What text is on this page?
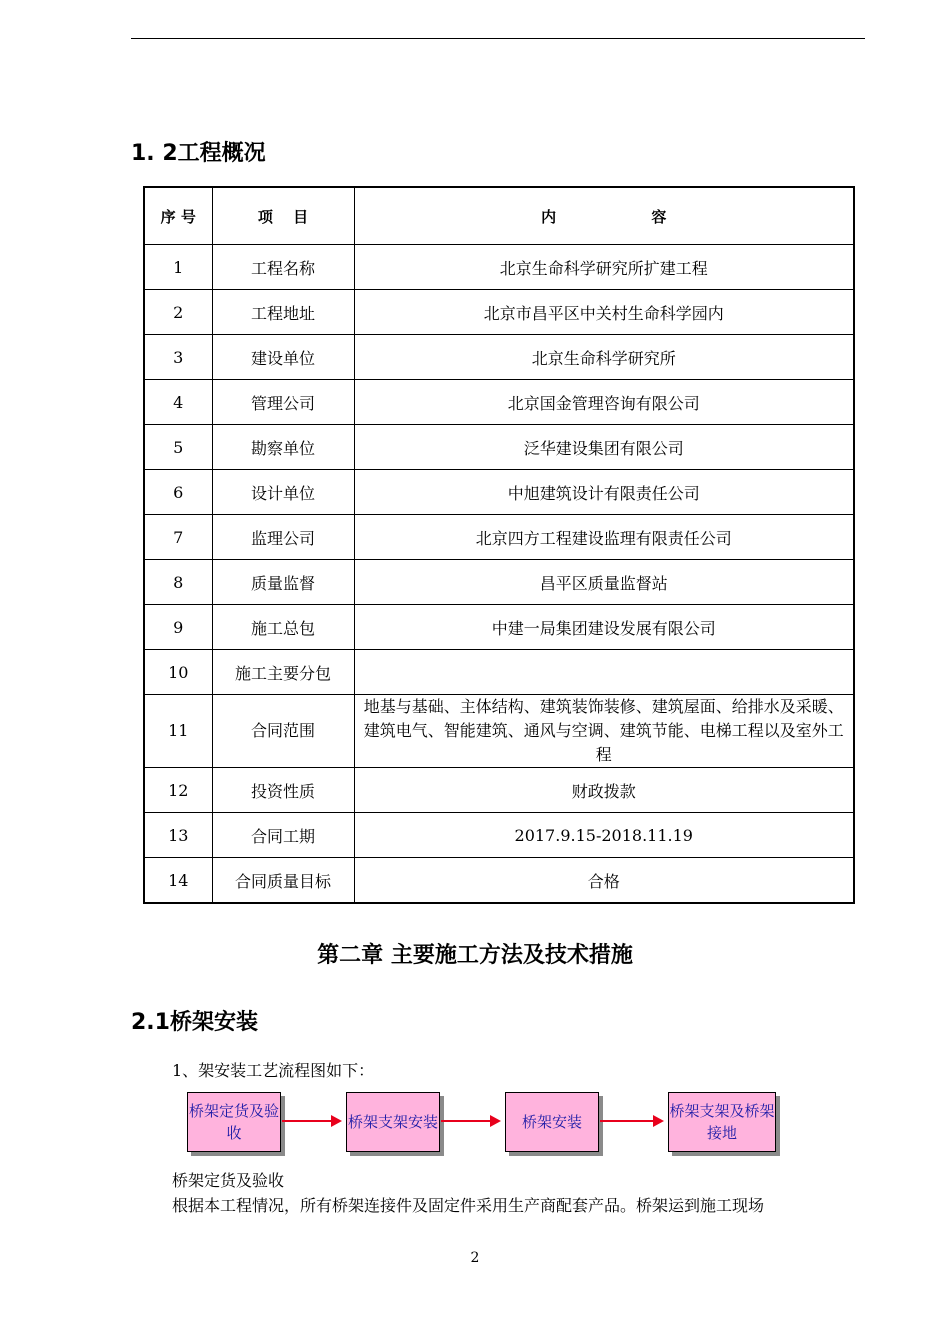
1. 2工程概况
序 号	项　 目	内　　　　　　 容
1	工程名称	北京生命科学研究所扩建工程
2	工程地址	北京市昌平区中关村生命科学园内
3	建设单位	北京生命科学研究所
4	管理公司	北京国金管理咨询有限公司
5	勘察单位	泛华建设集团有限公司
6	设计单位	中旭建筑设计有限责任公司
7	监理公司	北京四方工程建设监理有限责任公司
8	质量监督	昌平区质量监督站
9	施工总包	中建一局集团建设发展有限公司
10	施工主要分包	
11	合同范围	地基与基础、主体结构、建筑装饰装修、建筑屋面、给排水及采暖、建筑电气、智能建筑、通风与空调、建筑节能、电梯工程以及室外工程
12	投资性质	财政拨款
13	合同工期	2017.9.15-2018.11.19
14	合同质量目标	合格
第二章 主要施工方法及技术措施
2.1桥架安装
1、架安装工艺流程图如下：
桥架定货及验收
桥架支架安装	桥架安装
桥架支架及桥架接地
桥架定货及验收
根据本工程情况，所有桥架连接件及固定件采用生产商配套产品。桥架运到施工现场
2
